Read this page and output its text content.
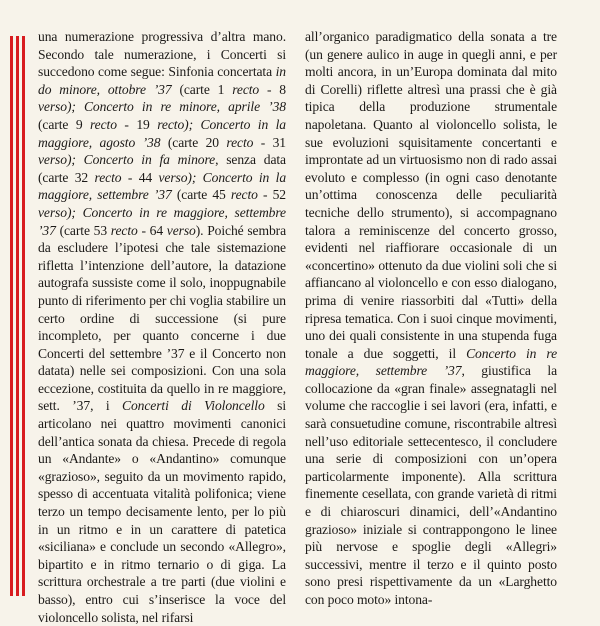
una numerazione progressiva d’altra mano. Secondo tale numerazione, i Concerti si succedono come segue: Sinfonia concertata in do minore, ottobre ’37 (carte 1 recto - 8 verso); Concerto in re minore, aprile ’38 (carte 9 recto - 19 recto); Concerto in la maggiore, agosto ’38 (carte 20 recto - 31 verso); Concerto in fa minore, senza data (carte 32 recto - 44 verso); Concerto in la maggiore, settembre ’37 (carte 45 recto - 52 verso); Concerto in re maggiore, settembre ’37 (carte 53 recto - 64 verso). Poiché sembra da escludere l’ipotesi che tale sistemazione rifletta l’intenzione dell’autore, la datazione autografa sussiste come il solo, inoppugnabile punto di riferimento per chi voglia stabilire un certo ordine di successione (si pure incompleto, per quanto concerne i due Concerti del settembre ’37 e il Concerto non datata) nelle sei composizioni. Con una sola eccezione, costituita da quello in re maggiore, sett. ’37, i Concerti di Violoncello si articolano nei quattro movimenti canonici dell’antica sonata da chiesa. Precede di regola un «Andante» o «Andantino» comunque «grazioso», seguito da un movimento rapido, spesso di accentuata vitalità polifonica; viene terzo un tempo decisamente lento, per lo più in un ritmo e in un carattere di patetica «siciliana» e conclude un secondo «Allegro», bipartito e in ritmo ternario o di giga. La scrittura orchestrale a tre parti (due violini e basso), entro cui s’inserisce la voce del violoncello solista, nel rifarsi

all’organico paradigmatico della sonata a tre (un genere aulico in auge in quegli anni, e per molti ancora, in un’Europa dominata dal mito di Corelli) riflette altresì una prassi che è già tipica della produzione strumentale napoletana. Quanto al violoncello solista, le sue evoluzioni squisitamente concertanti e improntate ad un virtuosismo non di rado assai evoluto e complesso (in ogni caso denotante un’ottima conoscenza delle peculiarità tecniche dello strumento), si accompagnano talora a reminiscenze del concerto grosso, evidenti nel riaffiorare occasionale di un «concertino» ottenuto da due violini soli che si affiancano al violoncello e con esso dialogano, prima di venire riassorbiti dal «Tutti» della ripresa tematica. Con i suoi cinque movimenti, uno dei quali consistente in una stupenda fuga tonale a due soggetti, il Concerto in re maggiore, settembre ’37, giustifica la collocazione da «gran finale» assegnatagli nel volume che raccoglie i sei lavori (era, infatti, e sarà consuetudine comune, riscontrabile altresì nell’uso editoriale settecentesco, il concludere una serie di composizioni con un’opera particolarmente imponente). Alla scrittura finemente cesellata, con grande varietà di ritmi e di chiaroscuri dinamici, dell’«Andantino grazioso» iniziale si contrappongono le linee più nervose e spoglie degli «Allegri» successivi, mentre il terzo e il quinto posto sono presi rispettivamente da un «Larghetto con poco moto» intona-
